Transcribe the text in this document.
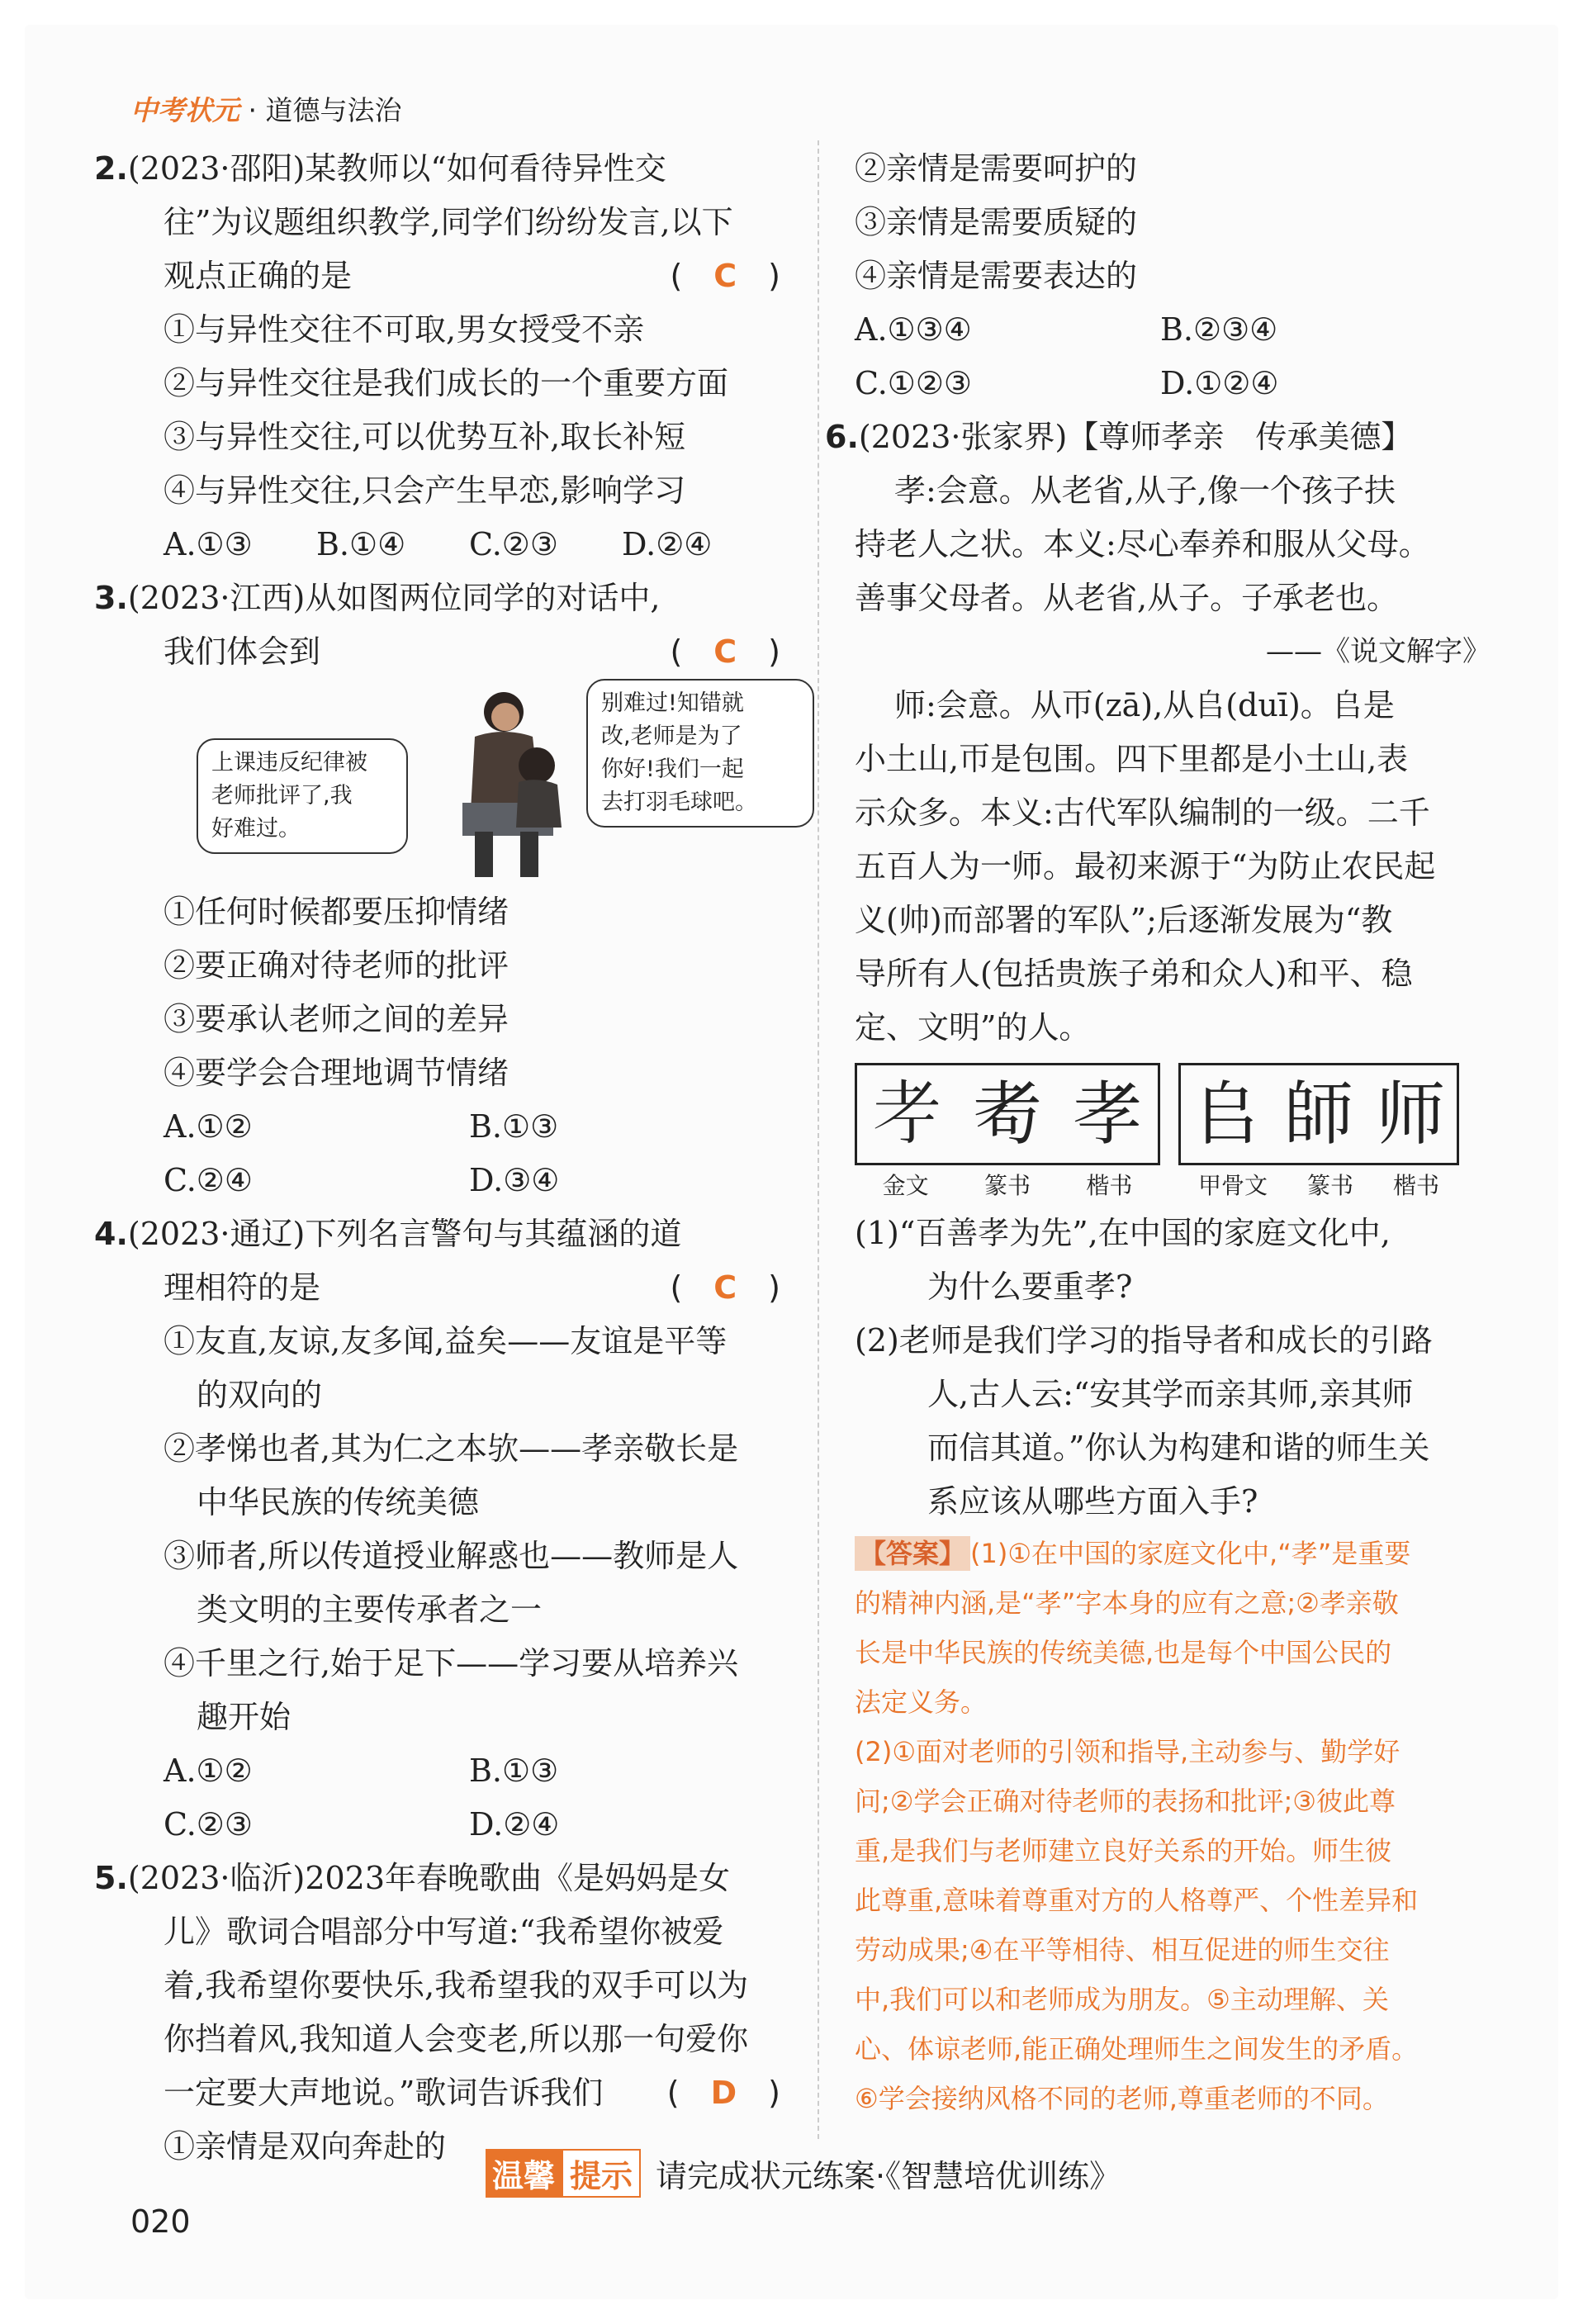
中考状元 · 道德与法治
2.(2023·邵阳)某教师以“如何看待异性交
往”为议题组织教学,同学们纷纷发言,以下
观点正确的是	(　C　)
①与异性交往不可取,男女授受不亲
②与异性交往是我们成长的一个重要方面
③与异性交往,可以优势互补,取长补短
④与异性交往,只会产生早恋,影响学习
A.①③	B.①④	C.②③	D.②④
3.(2023·江西)从如图两位同学的对话中,
我们体会到	(　C　)
上课违反纪律被
老师批评了,我
好难过。
别难过!知错就
改,老师是为了
你好!我们一起
去打羽毛球吧。
①任何时候都要压抑情绪
②要正确对待老师的批评
③要承认老师之间的差异
④要学会合理地调节情绪
A.①②	B.①③
C.②④	D.③④
4.(2023·通辽)下列名言警句与其蕴涵的道
理相符的是	(　C　)
①友直,友谅,友多闻,益矣——友谊是平等
的双向的
②孝悌也者,其为仁之本欤——孝亲敬长是
中华民族的传统美德
③师者,所以传道授业解惑也——教师是人
类文明的主要传承者之一
④千里之行,始于足下——学习要从培养兴
趣开始
A.①②	B.①③
C.②③	D.②④
5.(2023·临沂)2023年春晚歌曲《是妈妈是女
儿》歌词合唱部分中写道:“我希望你被爱
着,我希望你要快乐,我希望我的双手可以为
你挡着风,我知道人会变老,所以那一句爱你
一定要大声地说。”歌词告诉我们 (　D　)
①亲情是双向奔赴的
②亲情是需要呵护的
③亲情是需要质疑的
④亲情是需要表达的
A.①③④	B.②③④
C.①②③	D.①②④
6.(2023·张家界)【尊师孝亲　传承美德】
孝:会意。从老省,从子,像一个孩子扶
持老人之状。本义:尽心奉养和服从父母。
善事父母者。从老省,从子。子承老也。
——《说文解字》
师:会意。从帀(zā),从𠂤(duī)。𠂤是
小土山,帀是包围。四下里都是小土山,表
示众多。本义:古代军队编制的一级。二千
五百人为一师。最初来源于“为防止农民起
义(帅)而部署的军队”;后逐渐发展为“教
导所有人(包括贵族子弟和众人)和平、稳
定、文明”的人。
𦒱 耇 孝
金文 篆书 楷书
𠂤 師 师
甲骨文 篆书 楷书
(1)“百善孝为先”,在中国的家庭文化中,
为什么要重孝?
(2)老师是我们学习的指导者和成长的引路
人,古人云:“安其学而亲其师,亲其师
而信其道。”你认为构建和谐的师生关
系应该从哪些方面入手?
【答案】 (1)①在中国的家庭文化中,“孝”是重要
的精神内涵,是“孝”字本身的应有之意;②孝亲敬
长是中华民族的传统美德,也是每个中国公民的
法定义务。
(2)①面对老师的引领和指导,主动参与、勤学好
问;②学会正确对待老师的表扬和批评;③彼此尊
重,是我们与老师建立良好关系的开始。师生彼
此尊重,意味着尊重对方的人格尊严、个性差异和
劳动成果;④在平等相待、相互促进的师生交往
中,我们可以和老师成为朋友。⑤主动理解、关
心、体谅老师,能正确处理师生之间发生的矛盾。
⑥学会接纳风格不同的老师,尊重老师的不同。
温馨 提示 请完成状元练案·《智慧培优训练》
020
